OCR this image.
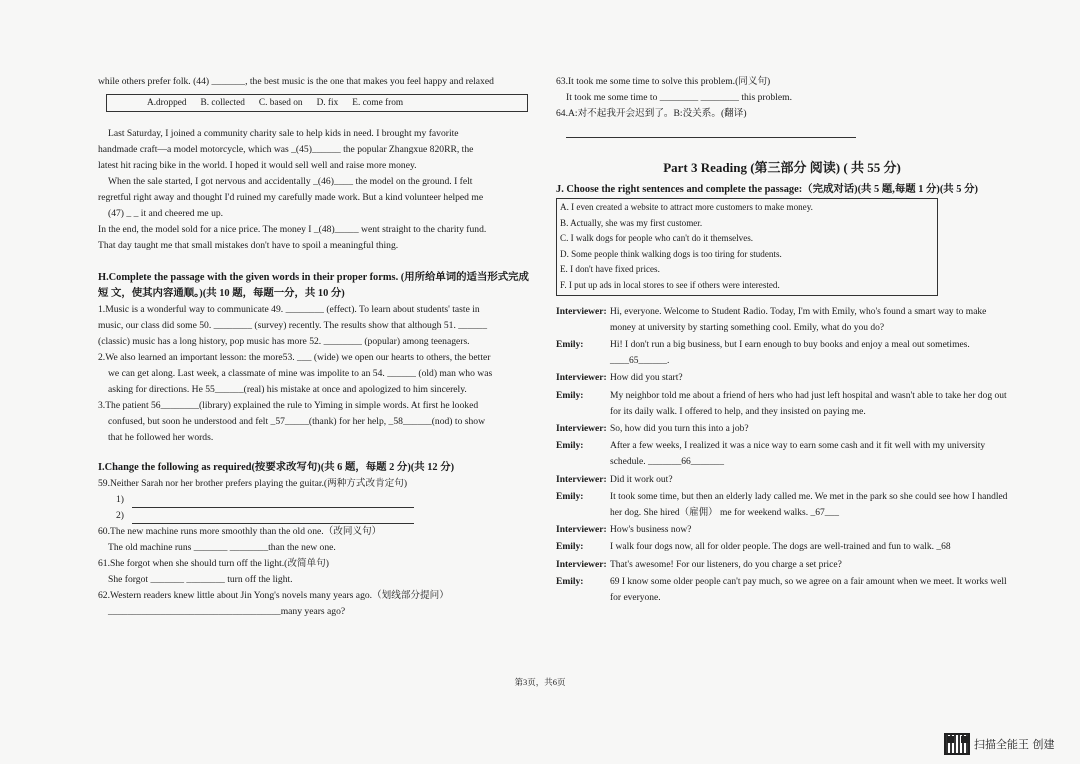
while others prefer folk. (44) _______, the best music is the one that makes you feel happy and relaxed

A.dropped B. collected C. based on D. fix E. come from

Last Saturday, I joined a community charity sale to help kids in need. I brought my favorite

handmade craft—a model motorcycle, which was _(45)______ the popular Zhangxue 820RR, the

latest hit racing bike in the world. I hoped it would sell well and raise more money.

When the sale started, I got nervous and accidentally _(46)____ the model on the ground. I felt

regretful right away and thought I'd ruined my carefully made work. But a kind volunteer helped me

(47) _ _ it and cheered me up.

In the end, the model sold for a nice price. The money I _(48)_____ went straight to the charity fund.

That day taught me that small mistakes don't have to spoil a meaningful thing.

H.Complete the passage with the given words in their proper forms. (用所给单词的适当形式完成短 文，使其内容通顺。)(共 10 题，每题一分，共 10 分)

1.Music is a wonderful way to communicate 49. ________ (effect). To learn about students' taste in

music, our class did some 50. ________ (survey) recently. The results show that although 51. ______

(classic) music has a long history, pop music has more 52. ________ (popular) among teenagers.

2.We also learned an important lesson: the more53. ___ (wide) we open our hearts to others, the better

we can get along. Last week, a classmate of mine was impolite to an 54. ______ (old) man who was

asking for directions. He 55______(real) his mistake at once and apologized to him sincerely.

3.The patient 56________(library) explained the rule to Yiming in simple words. At first he looked

confused, but soon he understood and felt _57_____(thank) for her help, _58______(nod) to show

that he followed her words.

I.Change the following as required(按要求改写句)(共 6 题，每题 2 分)(共 12 分)

59.Neither Sarah nor her brother prefers playing the guitar.(两种方式改肯定句)

1)

2)

60.The new machine runs more smoothly than the old one.（改同义句）

The old machine runs _______ ________than the new one.

61.She forgot when she should turn off the light.(改简单句)

She forgot _______ ________ turn off the light.

62.Western readers knew little about Jin Yong's novels many years ago.（划线部分提问）

____________________________________many years ago?

63.It took me some time to solve this problem.(同义句)

It took me some time to ________ ________ this problem.

64.A:对不起我开会迟到了。B:没关系。(翻译)

Part 3 Reading (第三部分 阅读) ( 共 55 分)

J. Choose the right sentences and complete the passage:（完成对话)(共 5 题,每题 1 分)(共 5 分)

A. I even created a website to attract more customers to make money.

B. Actually, she was my first customer.

C. I walk dogs for people who can't do it themselves.

D. Some people think walking dogs is too tiring for students.

E. I don't have fixed prices.

F. I put up ads in local stores to see if others were interested.

Interviewer: Hi, everyone. Welcome to Student Radio. Today, I'm with Emily, who's found a smart way to make money at university by starting something cool. Emily, what do you do?
Emily:	Hi! I don't run a big business, but I earn enough to buy books and enjoy a meal out sometimes. ____65______.
Interviewer: How did you start?
Emily:	My neighbor told me about a friend of hers who had just left hospital and wasn't able to take her dog out for its daily walk. I offered to help, and they insisted on paying me.
Interviewer: So, how did you turn this into a job?
Emily:	After a few weeks, I realized it was a nice way to earn some cash and it fit well with my university schedule. _______66_______
Interviewer: Did it work out?
Emily:	It took some time, but then an elderly lady called me. We met in the park so she could see how I handled her dog. She hired（雇佣） me for weekend walks. _67___
Interviewer: How's business now?
Emily:	I walk four dogs now, all for older people. The dogs are well-trained and fun to walk. _68
Interviewer: That's awesome! For our listeners, do you charge a set price?
Emily:	69 I know some older people can't pay much, so we agree on a fair amount when we meet. It works well for everyone.
第3页，共6页
扫描全能王 创建
